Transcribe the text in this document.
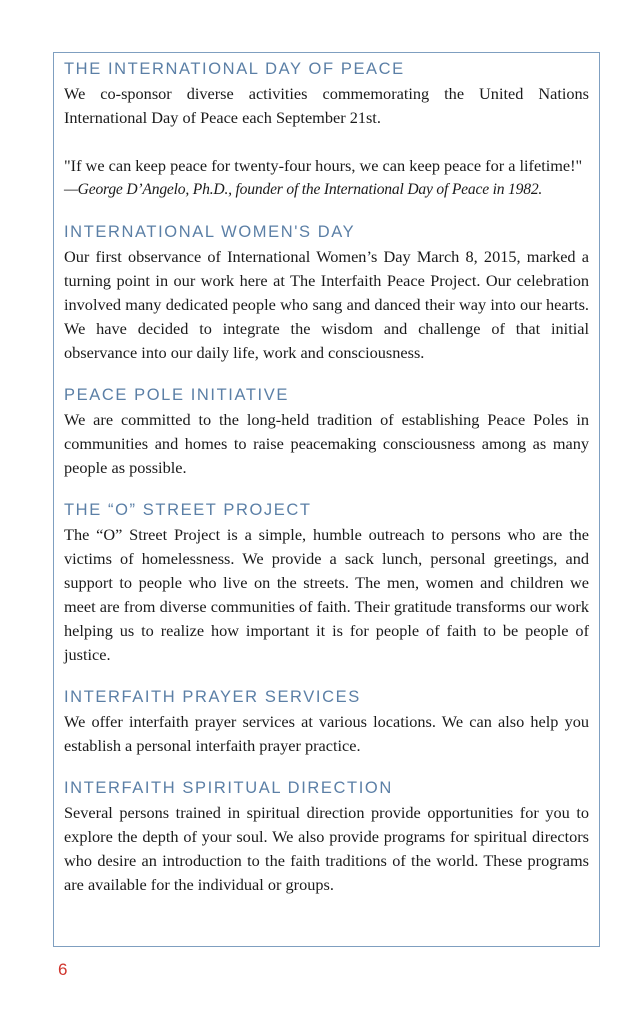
THE INTERNATIONAL DAY OF PEACE

We co-sponsor diverse activities commemorating the United Nations International Day of Peace each September 21st.

"If we can keep peace for twenty-four hours, we can keep peace for a lifetime!"

—George D’Angelo, Ph.D., founder of the International Day of Peace in 1982.

INTERNATIONAL WOMEN'S DAY

Our first observance of International Women’s Day March 8, 2015, marked a turning point in our work here at The Interfaith Peace Project. Our celebration involved many dedicated people who sang and danced their way into our hearts. We have decided to integrate the wisdom and challenge of that initial observance into our daily life, work and consciousness.

PEACE POLE INITIATIVE

We are committed to the long-held tradition of establishing Peace Poles in communities and homes to raise peacemaking consciousness among as many people as possible.

THE “O” STREET PROJECT

The “O” Street Project is a simple, humble outreach to persons who are the victims of homelessness. We provide a sack lunch, personal greetings, and support to people who live on the streets. The men, women and children we meet are from diverse communities of faith. Their gratitude transforms our work helping us to realize how important it is for people of faith to be people of justice.

INTERFAITH PRAYER SERVICES

We offer interfaith prayer services at various locations. We can also help you establish a personal interfaith prayer practice.

INTERFAITH SPIRITUAL DIRECTION

Several persons trained in spiritual direction provide opportunities for you to explore the depth of your soul. We also provide programs for spiritual directors who desire an introduction to the faith traditions of the world. These programs are available for the individual or groups.

6
